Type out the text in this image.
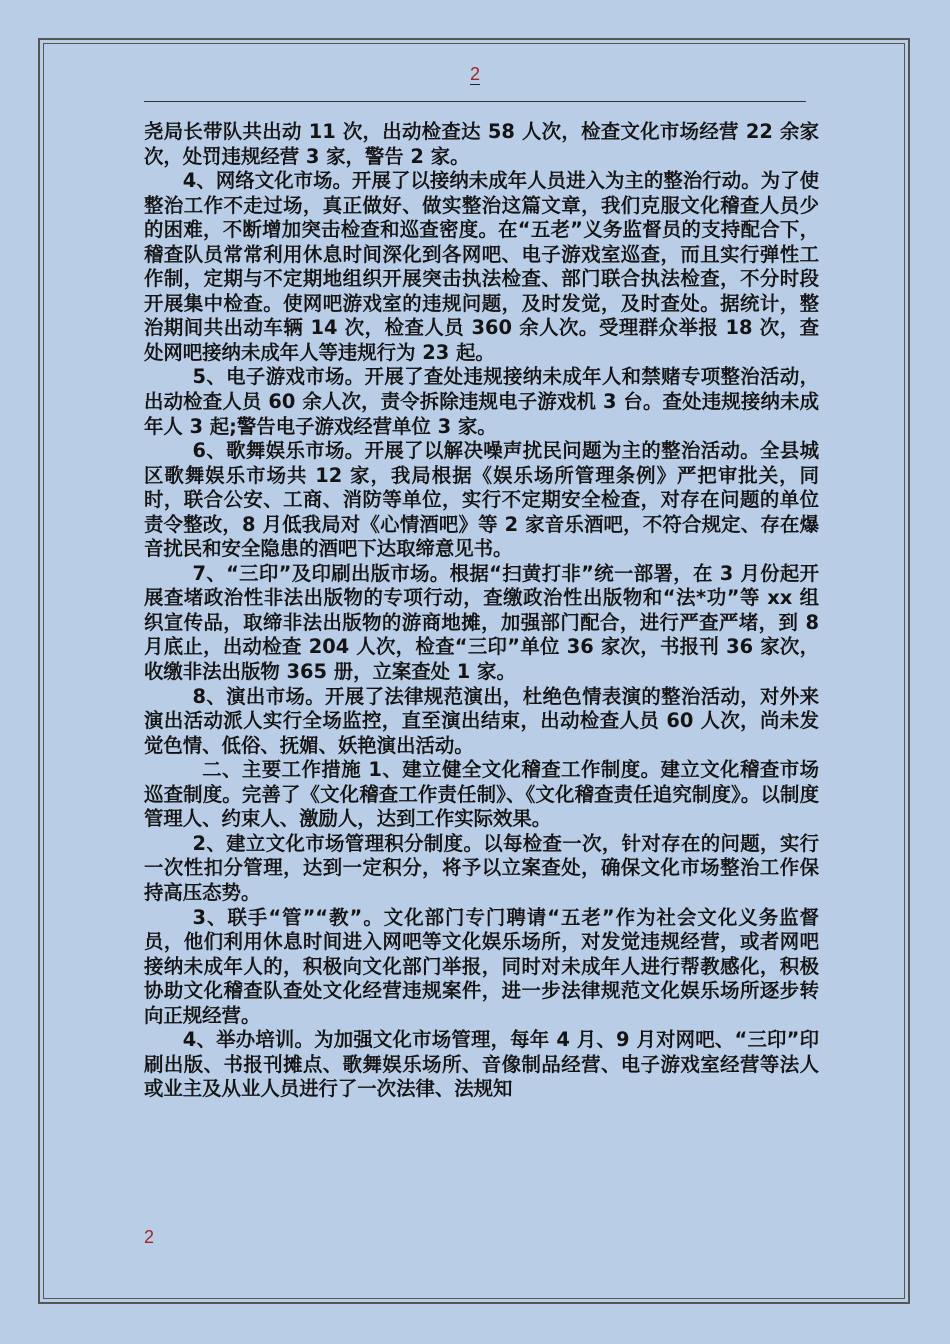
2

尧局长带队共出动 11 次，出动检查达 58 人次，检查文化市场经营 22 余家次，处罚违规经营 3 家，警告 2 家。

4、网络文化市场。开展了以接纳未成年人员进入为主的整治行动。为了使整治工作不走过场，真正做好、做实整治这篇文章，我们克服文化稽查人员少的困难，不断增加突击检查和巡查密度。在“五老”义务监督员的支持配合下，稽查队员常常利用休息时间深化到各网吧、电子游戏室巡查，而且实行弹性工作制，定期与不定期地组织开展突击执法检查、部门联合执法检查，不分时段开展集中检查。使网吧游戏室的违规问题，及时发觉，及时查处。据统计，整治期间共出动车辆 14 次，检查人员 360 余人次。受理群众举报 18 次，查处网吧接纳未成年人等违规行为 23 起。

5、电子游戏市场。开展了查处违规接纳未成年人和禁赌专项整治活动，出动检查人员 60 余人次，责令拆除违规电子游戏机 3 台。查处违规接纳未成年人 3 起;警告电子游戏经营单位 3 家。

6、歌舞娱乐市场。开展了以解决噪声扰民问题为主的整治活动。全县城区歌舞娱乐市场共 12 家，我局根据《娱乐场所管理条例》严把审批关，同时，联合公安、工商、消防等单位，实行不定期安全检查，对存在问题的单位责令整改，8 月低我局对《心情酒吧》等 2 家音乐酒吧，不符合规定、存在爆音扰民和安全隐患的酒吧下达取缔意见书。

7、“三印”及印刷出版市场。根据“扫黄打非”统一部署，在 3 月份起开展查堵政治性非法出版物的专项行动，查缴政治性出版物和“法*功”等 xx 组织宣传品，取缔非法出版物的游商地摊，加强部门配合，进行严查严堵，到 8 月底止，出动检查 204 人次，检查“三印”单位 36 家次，书报刊 36 家次，收缴非法出版物 365 册，立案查处 1 家。

8、演出市场。开展了法律规范演出，杜绝色情表演的整治活动，对外来演出活动派人实行全场监控，直至演出结束，出动检查人员 60 人次，尚未发觉色情、低俗、抚媚、妖艳演出活动。

二、主要工作措施 1、建立健全文化稽查工作制度。建立文化稽查市场巡查制度。完善了《文化稽查工作责任制》、《文化稽查责任追究制度》。以制度管理人、约束人、激励人，达到工作实际效果。

2、建立文化市场管理积分制度。以每检查一次，针对存在的问题，实行一次性扣分管理，达到一定积分，将予以立案查处，确保文化市场整治工作保持高压态势。

3、联手“管”“教”。文化部门专门聘请“五老”作为社会文化义务监督员，他们利用休息时间进入网吧等文化娱乐场所，对发觉违规经营，或者网吧接纳未成年人的，积极向文化部门举报，同时对未成年人进行帮教感化，积极协助文化稽查队查处文化经营违规案件，进一步法律规范文化娱乐场所逐步转向正规经营。

4、举办培训。为加强文化市场管理，每年 4 月、9 月对网吧、“三印”印刷出版、书报刊摊点、歌舞娱乐场所、音像制品经营、电子游戏室经营等法人或业主及从业人员进行了一次法律、法规知

2
